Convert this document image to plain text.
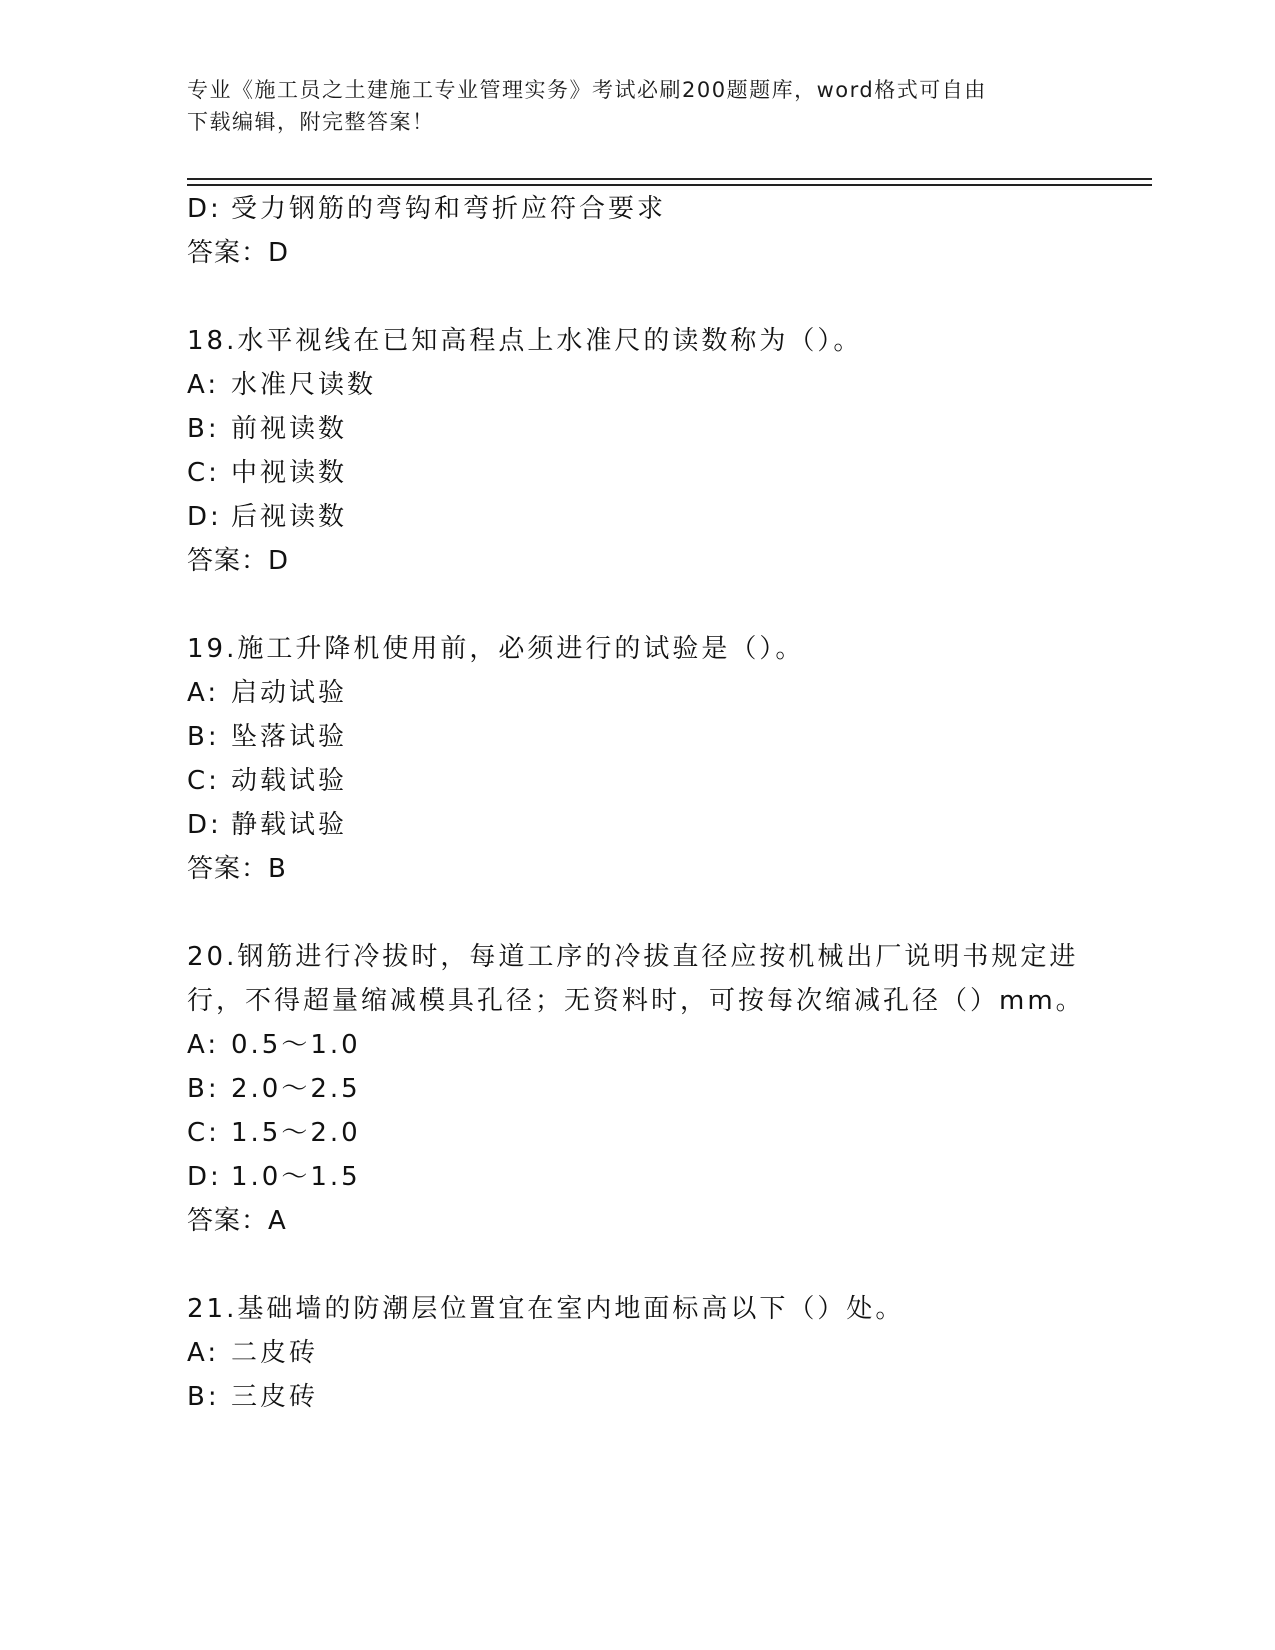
专业《施工员之土建施工专业管理实务》考试必刷200题题库，word格式可自由
下载编辑，附完整答案！
D: 受力钢筋的弯钩和弯折应符合要求
答案：D
18.水平视线在已知高程点上水准尺的读数称为（）。
A: 水准尺读数
B: 前视读数
C: 中视读数
D: 后视读数
答案：D
19.施工升降机使用前，必须进行的试验是（）。
A: 启动试验
B: 坠落试验
C: 动载试验
D: 静载试验
答案：B
20.钢筋进行冷拔时，每道工序的冷拔直径应按机械出厂说明书规定进
行，不得超量缩减模具孔径；无资料时，可按每次缩减孔径（）mm。
A: 0.5～1.0
B: 2.0～2.5
C: 1.5～2.0
D: 1.0～1.5
答案：A
21.基础墙的防潮层位置宜在室内地面标高以下（）处。
A: 二皮砖
B: 三皮砖
